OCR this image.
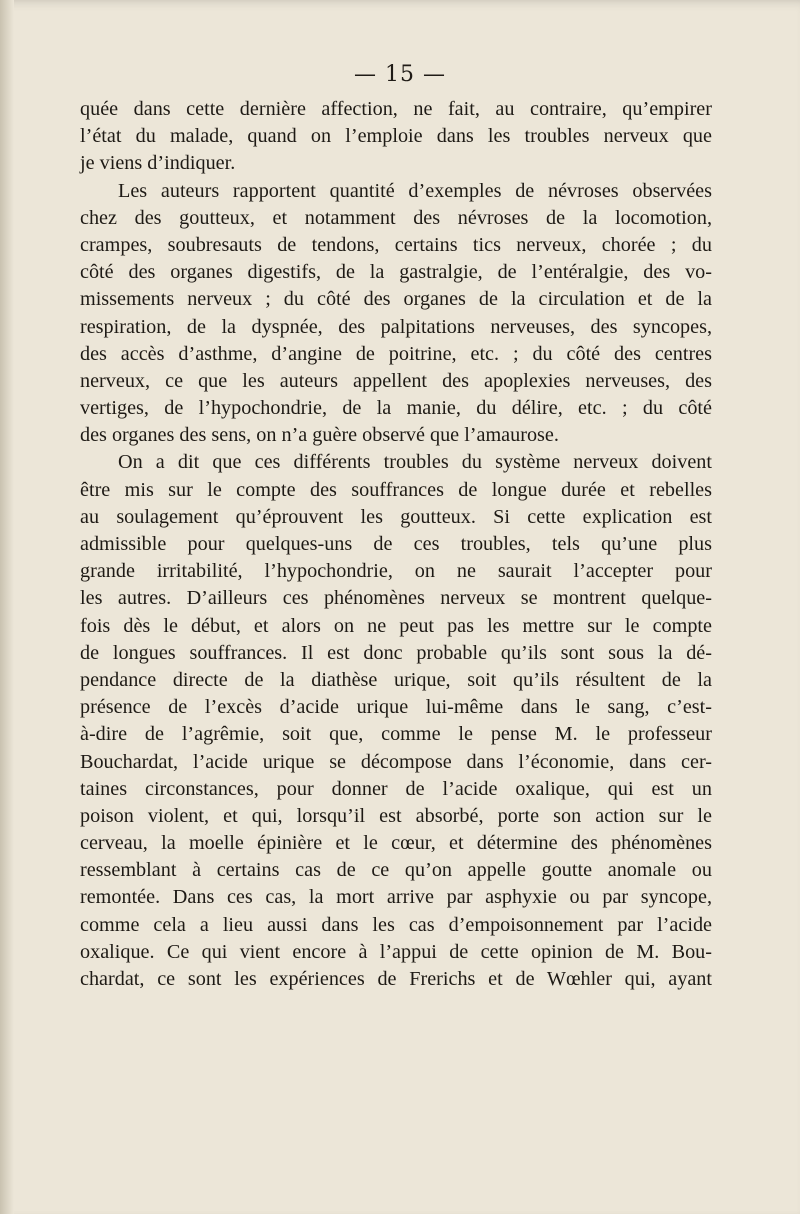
— 15 —
quée dans cette dernière affection, ne fait, au contraire, qu’empirer
l’état du malade, quand on l’emploie dans les troubles nerveux que
je viens d’indiquer.
Les auteurs rapportent quantité d’exemples de névroses observées
chez des goutteux, et notamment des névroses de la locomotion,
crampes, soubresauts de tendons, certains tics nerveux, chorée ; du
côté des organes digestifs, de la gastralgie, de l’entéralgie, des vo-
missements nerveux ; du côté des organes de la circulation et de la
respiration, de la dyspnée, des palpitations nerveuses, des syncopes,
des accès d’asthme, d’angine de poitrine, etc. ; du côté des centres
nerveux, ce que les auteurs appellent des apoplexies nerveuses, des
vertiges, de l’hypochondrie, de la manie, du délire, etc. ; du côté
des organes des sens, on n’a guère observé que l’amaurose.
On a dit que ces différents troubles du système nerveux doivent
être mis sur le compte des souffrances de longue durée et rebelles
au soulagement qu’éprouvent les goutteux. Si cette explication est
admissible pour quelques-uns de ces troubles, tels qu’une plus
grande irritabilité, l’hypochondrie, on ne saurait l’accepter pour
les autres. D’ailleurs ces phénomènes nerveux se montrent quelque-
fois dès le début, et alors on ne peut pas les mettre sur le compte
de longues souffrances. Il est donc probable qu’ils sont sous la dé-
pendance directe de la diathèse urique, soit qu’ils résultent de la
présence de l’excès d’acide urique lui-même dans le sang, c’est-
à-dire de l’agrêmie, soit que, comme le pense M. le professeur
Bouchardat, l’acide urique se décompose dans l’économie, dans cer-
taines circonstances, pour donner de l’acide oxalique, qui est un
poison violent, et qui, lorsqu’il est absorbé, porte son action sur le
cerveau, la moelle épinière et le cœur, et détermine des phénomènes
ressemblant à certains cas de ce qu’on appelle goutte anomale ou
remontée. Dans ces cas, la mort arrive par asphyxie ou par syncope,
comme cela a lieu aussi dans les cas d’empoisonnement par l’acide
oxalique. Ce qui vient encore à l’appui de cette opinion de M. Bou-
chardat, ce sont les expériences de Frerichs et de Wœhler qui, ayant
